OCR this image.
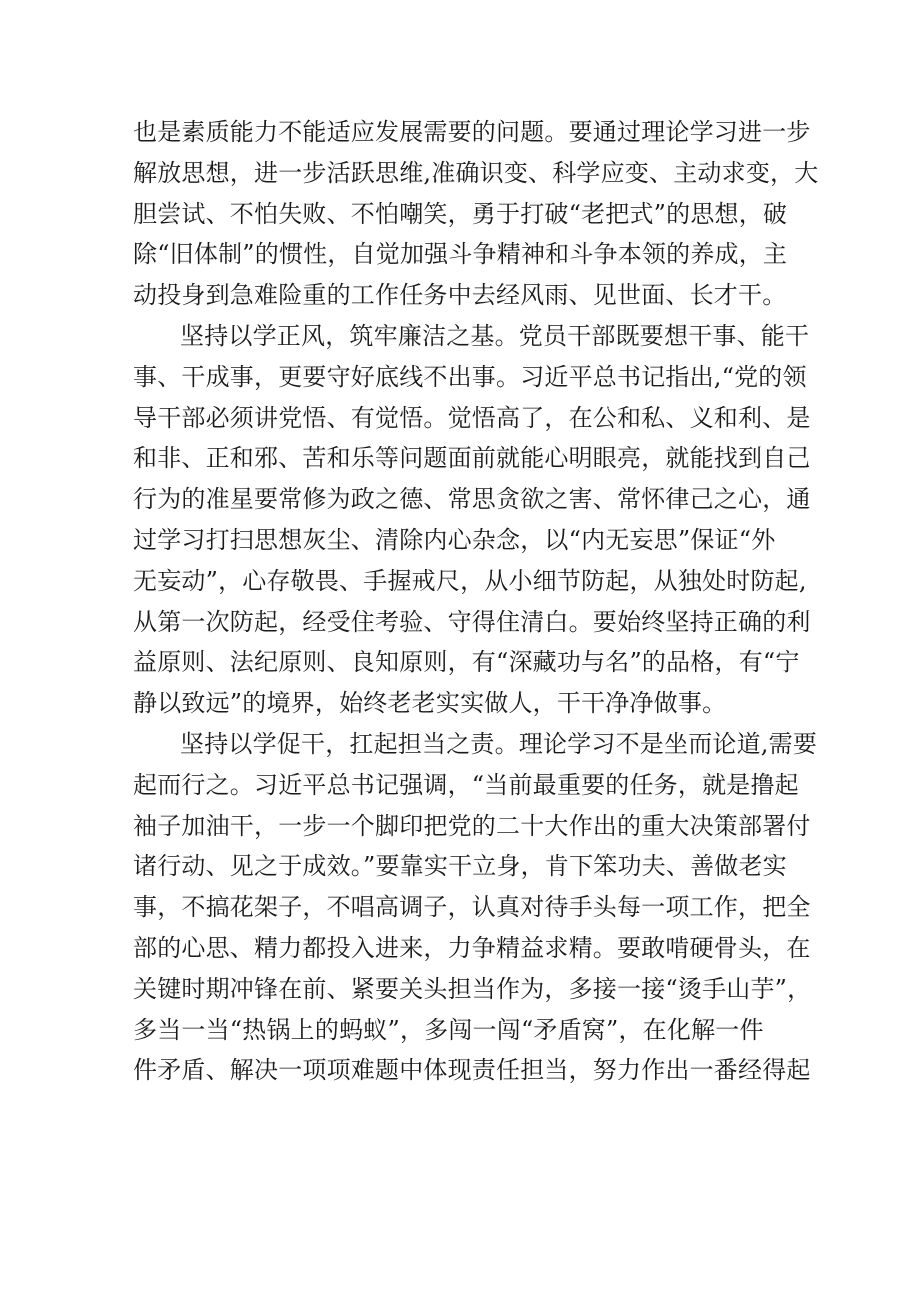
也是素质能力不能适应发展需要的问题。要通过理论学习进一步
解放思想，进一步活跃思维,准确识变、科学应变、主动求变，大
胆尝试、不怕失败、不怕嘲笑，勇于打破“老把式”的思想，破
除“旧体制”的惯性，自觉加强斗争精神和斗争本领的养成，主
动投身到急难险重的工作任务中去经风雨、见世面、长才干。
坚持以学正风，筑牢廉洁之基。党员干部既要想干事、能干
事、干成事，更要守好底线不出事。习近平总书记指出,“党的领
导干部必须讲党悟、有觉悟。觉悟高了，在公和私、义和利、是
和非、正和邪、苦和乐等问题面前就能心明眼亮，就能找到自己
行为的准星要常修为政之德、常思贪欲之害、常怀律己之心，通
过学习打扫思想灰尘、清除内心杂念，以“内无妄思”保证“外
无妄动”，心存敬畏、手握戒尺，从小细节防起，从独处时防起,
从第一次防起，经受住考验、守得住清白。要始终坚持正确的利
益原则、法纪原则、良知原则，有“深藏功与名”的品格，有“宁
静以致远”的境界，始终老老实实做人，干干净净做事。
坚持以学促干，扛起担当之责。理论学习不是坐而论道,需要
起而行之。习近平总书记强调，“当前最重要的任务，就是撸起
袖子加油干，一步一个脚印把党的二十大作出的重大决策部署付
诸行动、见之于成效。”要靠实干立身，肯下笨功夫、善做老实
事，不搞花架子，不唱高调子，认真对待手头每一项工作，把全
部的心思、精力都投入进来，力争精益求精。要敢啃硬骨头，在
关键时期冲锋在前、紧要关头担当作为，多接一接“烫手山芋”，
多当一当“热锅上的蚂蚁”，多闯一闯“矛盾窝”，在化解一件
件矛盾、解决一项项难题中体现责任担当，努力作出一番经得起
